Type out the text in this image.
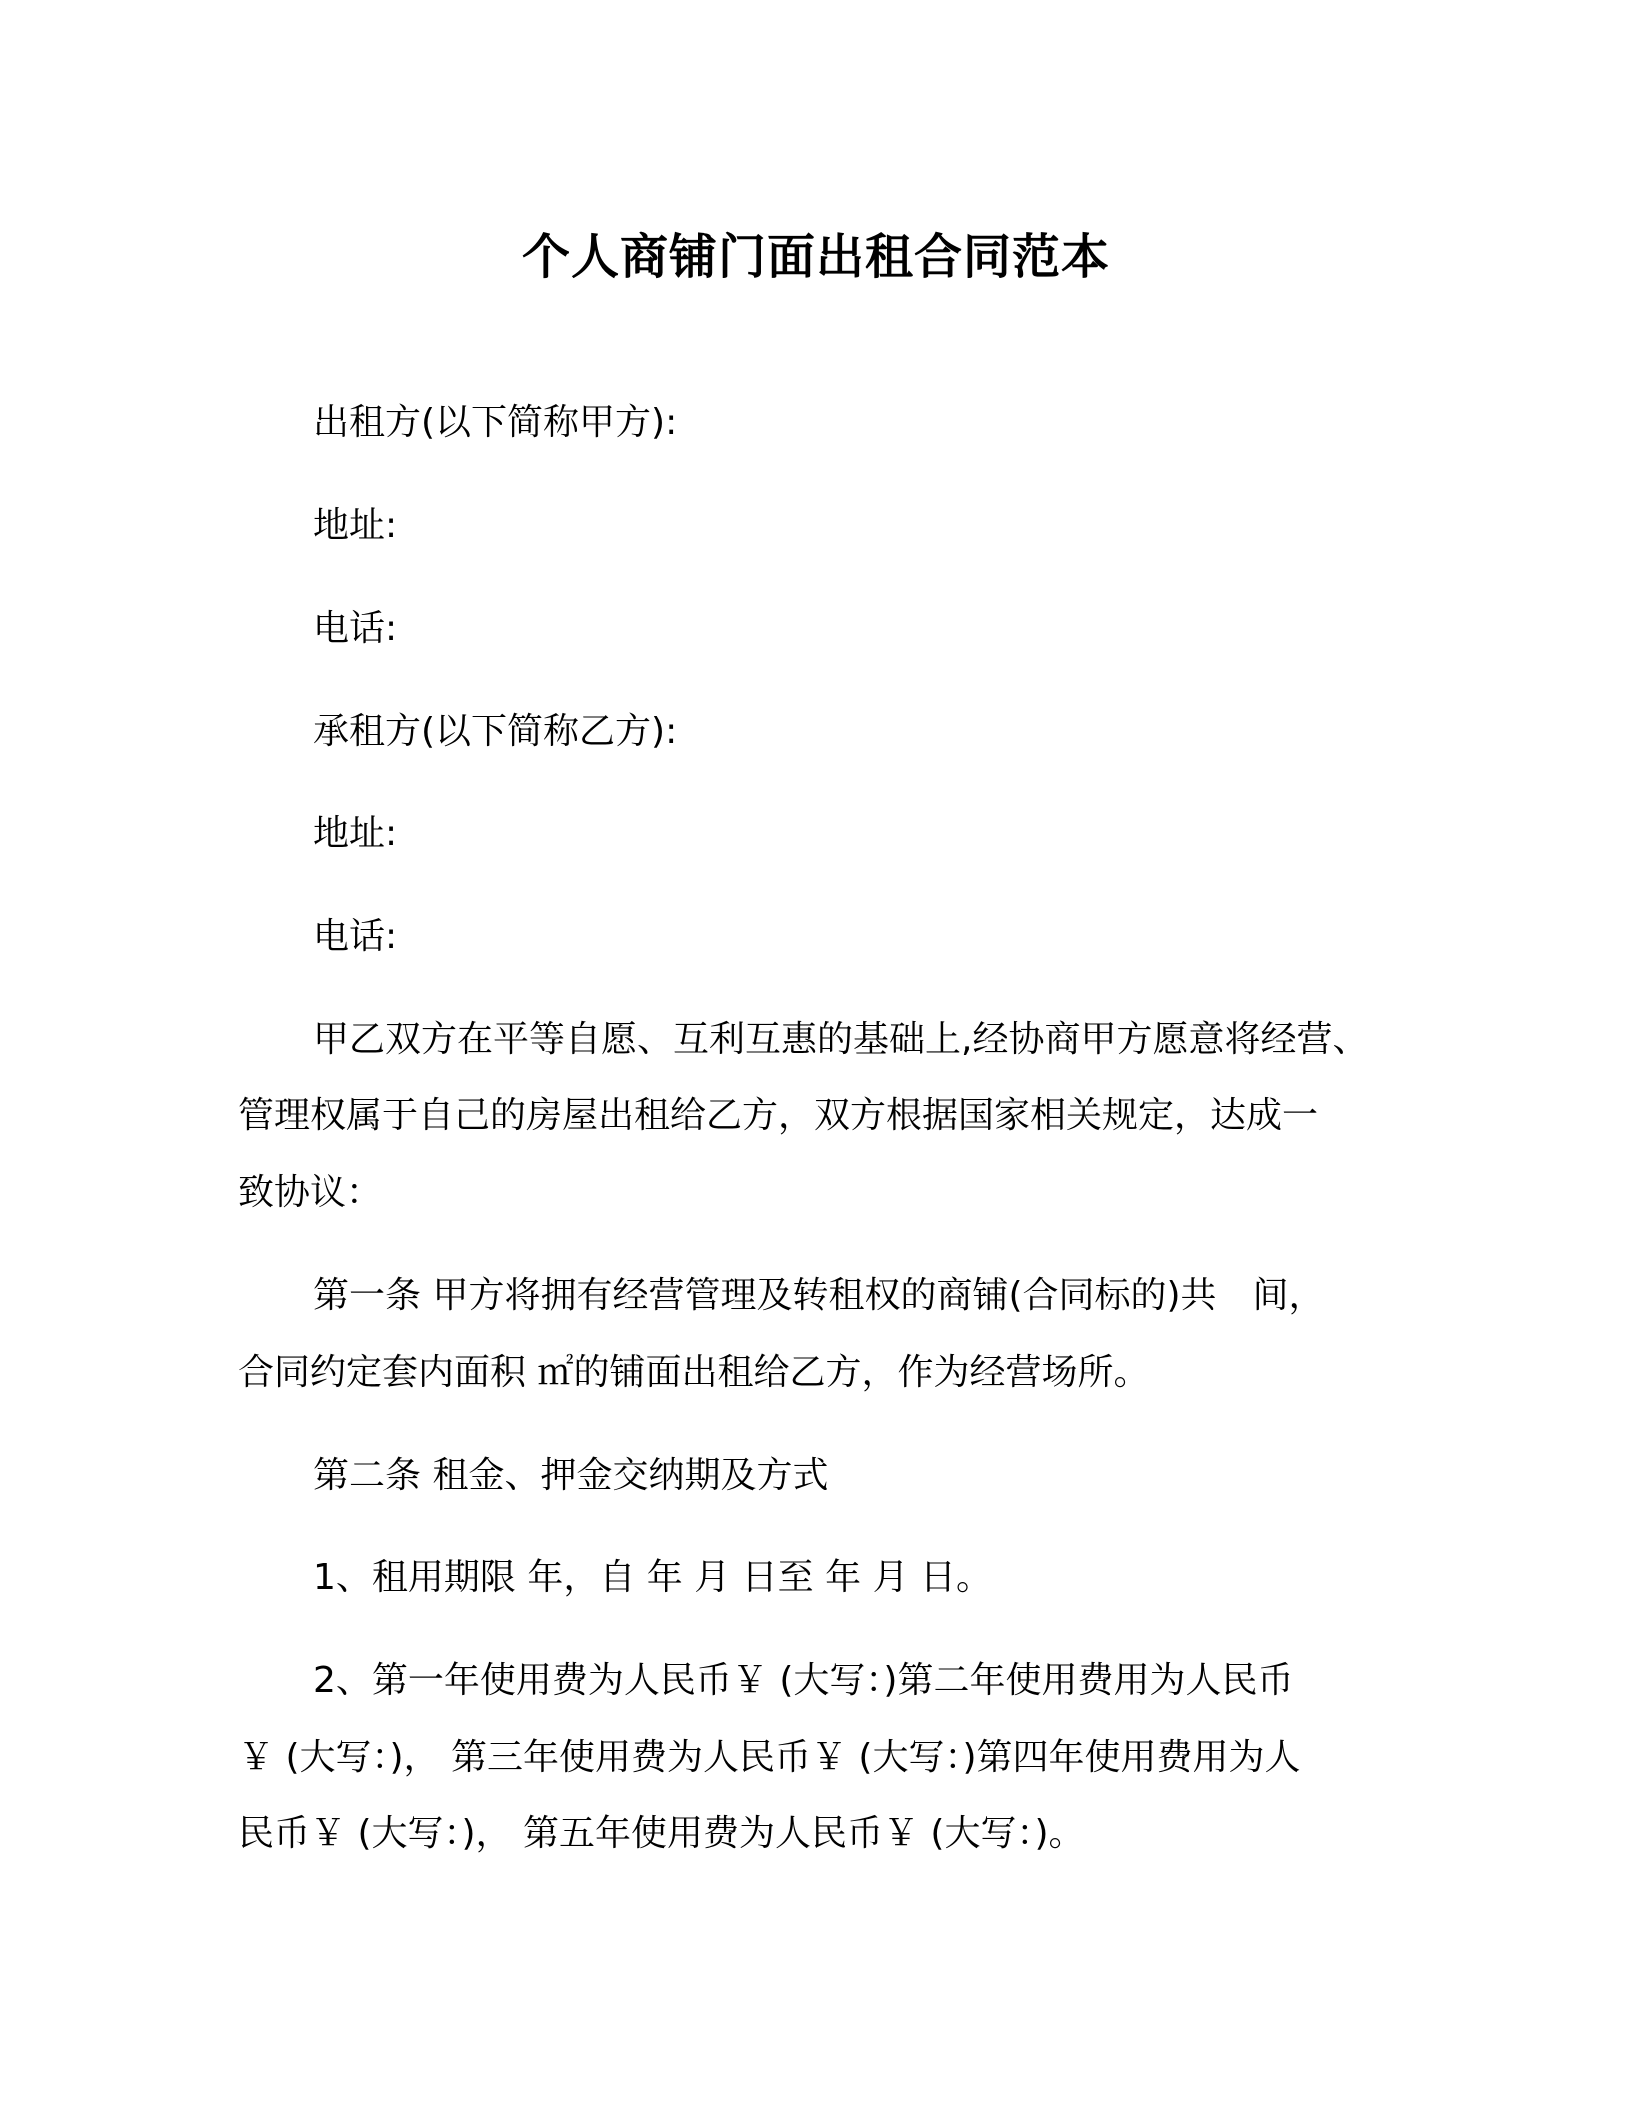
个人商铺门面出租合同范本

出租方(以下简称甲方):

地址:

电话:

承租方(以下简称乙方):

地址:

电话:

甲乙双方在平等自愿、互利互惠的基础上,经协商甲方愿意将经营、

管理权属于自己的房屋出租给乙方，双方根据国家相关规定，达成一

致协议：

第一条 甲方将拥有经营管理及转租权的商铺(合同标的)共　间，

合同约定套内面积 ㎡的铺面出租给乙方，作为经营场所。

第二条 租金、押金交纳期及方式

1、租用期限 年，自 年 月 日至 年 月 日。

2、第一年使用费为人民币￥ (大写：)第二年使用费用为人民币

￥ (大写：)， 第三年使用费为人民币￥ (大写：)第四年使用费用为人

民币￥ (大写：)， 第五年使用费为人民币￥ (大写：)。
